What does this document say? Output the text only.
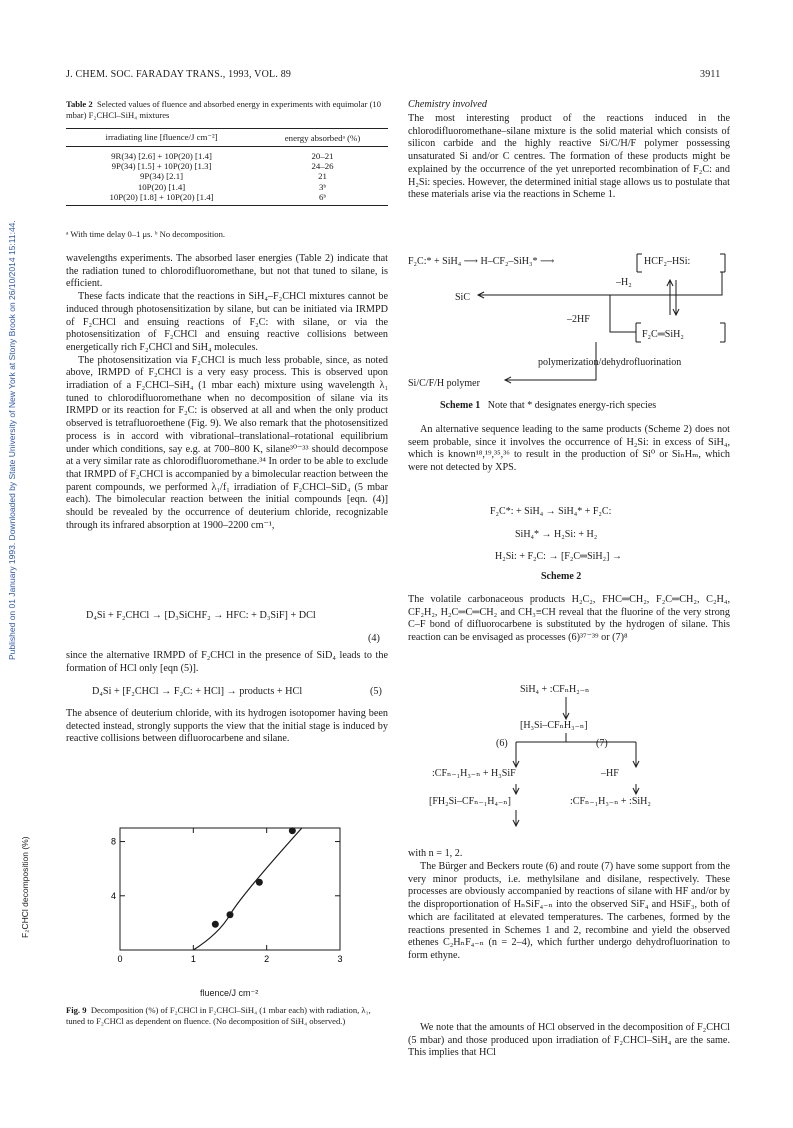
J. CHEM. SOC. FARADAY TRANS., 1993, VOL. 89	3911
Published on 01 January 1993. Downloaded by State University of New York at Stony Brook on 26/10/2014 15:11:44.
Table 2 Selected values of fluence and absorbed energy in experiments with equimolar (10 mbar) F₂CHCl–SiH₄ mixtures
irradiating line [fluence/J cm⁻²]	energy absorbedᵃ (%)

9R(34) [2.6] + 10P(20) [1.4]	20–21
9P(34) [1.5] + 10P(20) [1.3]	24–26
9P(34) [2.1]	21
10P(20) [1.4]	3ᵇ
10P(20) [1.8] + 10P(20) [1.4]	6ᵇ
ᵃ With time delay 0–1 μs. ᵇ No decomposition.

wavelengths experiments. The absorbed laser energies (Table 2) indicate that the radiation tuned to chlorodifluoromethane, but not that tuned to silane, is efficient.

These facts indicate that the reactions in SiH₄–F₂CHCl mixtures cannot be induced through photosensitization by silane, but can be initiated via IRMPD of F₂CHCl and ensuing reactions of F₂C: with silane, or via the photosensitization of F₂CHCl and ensuing reactive collisions between energetically rich F₂CHCl and SiH₄ molecules.

The photosensitization via F₂CHCl is much less probable, since, as noted above, IRMPD of F₂CHCl is a very easy process. This is observed upon irradiation of a F₂CHCl–SiH₄ (1 mbar each) mixture using wavelength λ₁ tuned to chlorodifluoromethane when no decomposition of silane via its IRMPD or its reaction for F₂C: is observed at all and when the only product observed is tetrafluoroethene (Fig. 9). We also remark that the photosensitized process is in accord with vibrational–translational–rotational equilibrium under which conditions, say e.g. at 700–800 K, silane³⁰⁻³³ should decompose at a very similar rate as chlorodifluoromethane.³⁴ In order to be able to exclude that IRMPD of F₂CHCl is accompanied by a bimolecular reaction between the parent compounds, we performed λ₁/f₁ irradiation of F₂CHCl–SiD₄ (5 mbar each). The bimolecular reaction between the initial compounds [eqn. (4)] should be revealed by the occurrence of deuterium chloride, recognizable through its infrared absorption at 1900–2200 cm⁻¹,

D₄Si + F₂CHCl → [D₃SiCHF₂ → HFC: + D₃SiF] + DCl
(4)
since the alternative IRMPD of F₂CHCl in the presence of SiD₄ leads to the formation of HCl only [eqn (5)].
D₄Si + [F₂CHCl → F₂C: + HCl] → products + HCl	(5)
The absence of deuterium chloride, with its hydrogen isotopomer having been detected instead, strongly supports the view that the initial stage is induced by reactive collisions between difluorocarbene and silane.
0	1	2	3
4
8
F₂CHCl decomposition (%)
fluence/J cm⁻²
Fig. 9 Decomposition (%) of F₂CHCl in F₂CHCl–SiH₄ (1 mbar each) with radiation, λ₁, tuned to F₂CHCl as dependent on fluence. (No decomposition of SiH₄ observed.)
Chemistry involved
The most interesting product of the reactions induced in the chlorodifluoromethane–silane mixture is the solid material which consists of silicon carbide and the highly reactive Si/C/H/F polymer possessing unsaturated Si and/or C centres. The formation of these products might be explained by the occurrence of the yet unreported recombination of F₂C: and H₂Si: species. However, the determined initial stage allows us to postulate that these materials arise via the reactions in Scheme 1.
F₂C:* + SiH₄ ⟶ H–CF₂–SiH₃* ⟶	HCF₂–HSi:
–H₂
SiC
–2HF
F₂C═SiH₂
polymerization/dehydrofluorination
Si/C/F/H polymer
Scheme 1 Note that * designates energy-rich species
An alternative sequence leading to the same products (Scheme 2) does not seem probable, since it involves the occurrence of H₂Si: in excess of SiH₄, which is known¹⁸,¹⁹,³⁵,³⁶ to result in the production of Si⁰ or SiₙHₘ, which were not detected by XPS.
F₂C*: + SiH₄ → SiH₄* + F₂C:
SiH₄* → H₂Si: + H₂
H₂Si: + F₂C: → [F₂C═SiH₂] →
Scheme 2
The volatile carbonaceous products H₂C₂, FHC═CH₂, F₂C═CH₂, C₂H₄, CF₂H₂, H₂C═C═CH₂ and CH₃≡CH reveal that the fluorine of the very strong C–F bond of difluorocarbene is substituted by the hydrogen of silane. This reaction can be envisaged as processes (6)³⁷⁻³⁹ or (7)⁸
SiH₄ + :CFₙH₂₋ₙ
[H₃Si–CFₙH₃₋ₙ]
(6)	(7)
:CFₙ₋₁H₃₋ₙ + H₃SiF	–HF
[FH₂Si–CFₙ₋₁H₄₋ₙ]	:CFₙ₋₁H₃₋ₙ + :SiH₂
with n = 1, 2.
The Bürger and Beckers route (6) and route (7) have some support from the very minor products, i.e. methylsilane and disilane, respectively. These processes are obviously accompanied by reactions of silane with HF and/or by the disproportionation of HₙSiF₄₋ₙ into the observed SiF₄ and HSiF₃, both of which are facilitated at elevated temperatures. The carbenes, formed by the reactions presented in Schemes 1 and 2, recombine and yield the observed ethenes C₂HₙF₄₋ₙ (n = 2–4), which further undergo dehydrofluorination to form ethyne.
We note that the amounts of HCl observed in the decomposition of F₂CHCl (5 mbar) and those produced upon irradiation of F₂CHCl–SiH₄ are the same. This implies that HCl
